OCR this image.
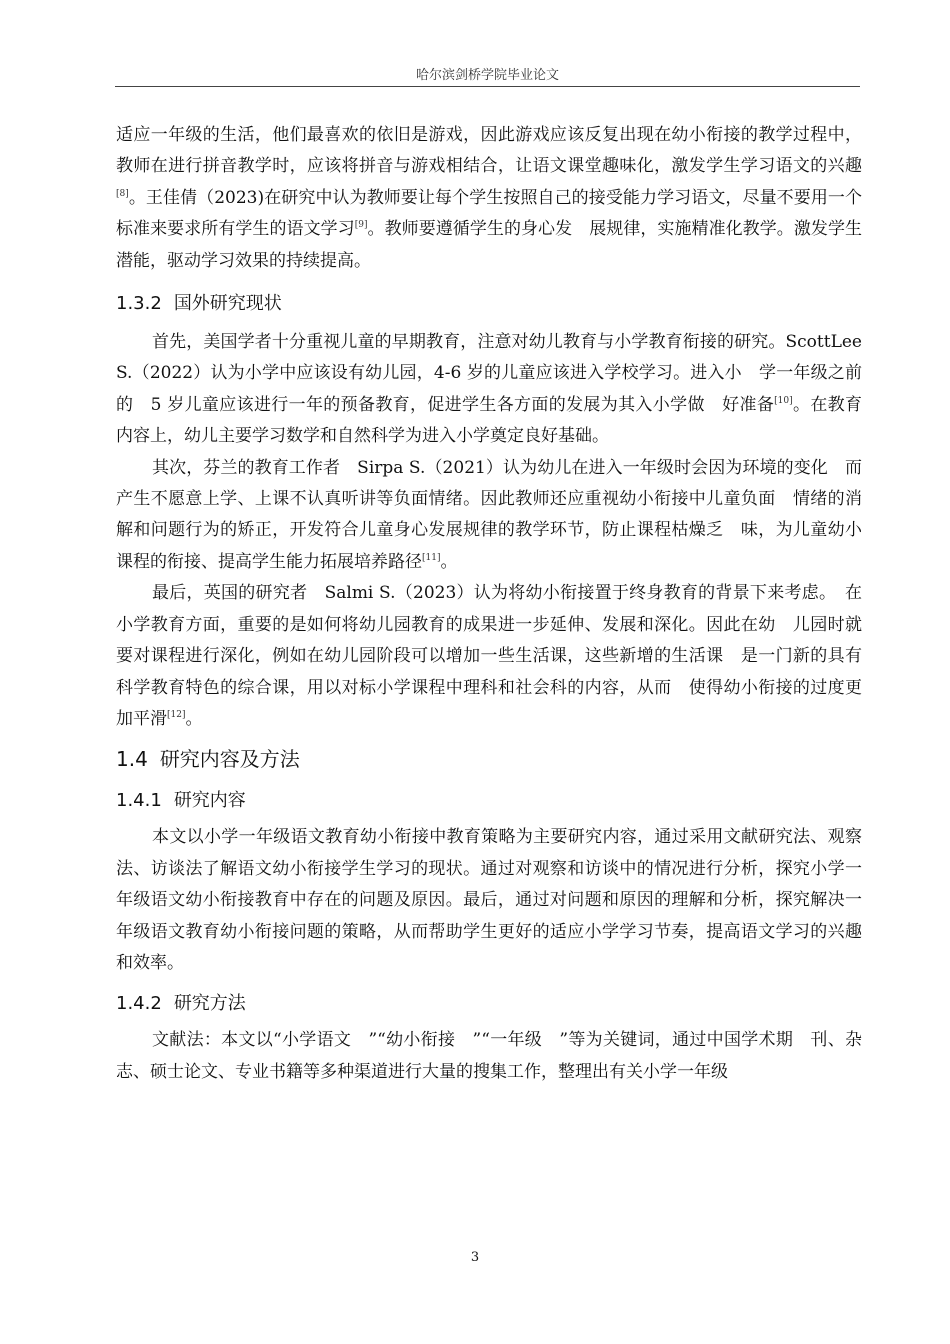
哈尔滨剑桥学院毕业论文

适应一年级的生活，他们最喜欢的依旧是游戏，因此游戏应该反复出现在幼小衔接的教学过程中，教师在进行拼音教学时，应该将拼音与游戏相结合，让语文课堂趣味化，激发学生学习语文的兴趣[8]。王佳倩（2023)在研究中认为教师要让每个学生按照自己的接受能力学习语文，尽量不要用一个标准来要求所有学生的语文学习[9]。教师要遵循学生的身心发　展规律，实施精准化教学。激发学生潜能，驱动学习效果的持续提高。

1.3.2 国外研究现状

首先，美国学者十分重视儿童的早期教育，注意对幼儿教育与小学教育衔接的研究。ScottLee S.（2022）认为小学中应该设有幼儿园，4-6 岁的儿童应该进入学校学习。进入小　学一年级之前的　5 岁儿童应该进行一年的预备教育，促进学生各方面的发展为其入小学做　好准备[10]。在教育内容上，幼儿主要学习数学和自然科学为进入小学奠定良好基础。

其次，芬兰的教育工作者　Sirpa S.（2021）认为幼儿在进入一年级时会因为环境的变化　而产生不愿意上学、上课不认真听讲等负面情绪。因此教师还应重视幼小衔接中儿童负面　情绪的消解和问题行为的矫正，开发符合儿童身心发展规律的教学环节，防止课程枯燥乏　味，为儿童幼小课程的衔接、提高学生能力拓展培养路径[11]。

最后，英国的研究者　Salmi S.（2023）认为将幼小衔接置于终身教育的背景下来考虑。　在小学教育方面，重要的是如何将幼儿园教育的成果进一步延伸、发展和深化。因此在幼　儿园时就要对课程进行深化，例如在幼儿园阶段可以增加一些生活课，这些新增的生活课　是一门新的具有科学教育特色的综合课，用以对标小学课程中理科和社会科的内容，从而　使得幼小衔接的过度更加平滑[12]。

1.4 研究内容及方法
1.4.1 研究内容

本文以小学一年级语文教育幼小衔接中教育策略为主要研究内容，通过采用文献研究法、观察法、访谈法了解语文幼小衔接学生学习的现状。通过对观察和访谈中的情况进行分析，探究小学一年级语文幼小衔接教育中存在的问题及原因。最后，通过对问题和原因的理解和分析，探究解决一年级语文教育幼小衔接问题的策略，从而帮助学生更好的适应小学学习节奏，提高语文学习的兴趣和效率。

1.4.2 研究方法

文献法：本文以“小学语文　”“幼小衔接　”“一年级　”等为关键词，通过中国学术期　刊、杂志、硕士论文、专业书籍等多种渠道进行大量的搜集工作，整理出有关小学一年级

3
